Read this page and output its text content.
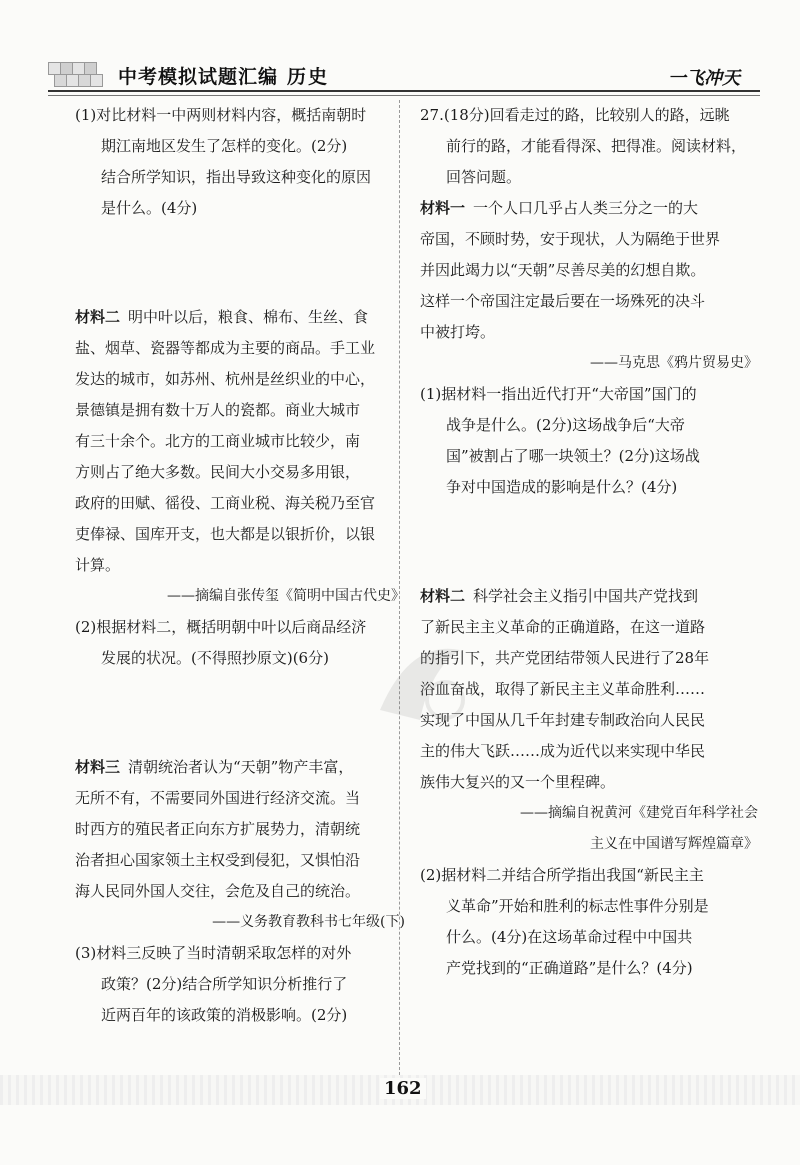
中考模拟试题汇编 历史	一飞冲天
(1)对比材料一中两则材料内容，概括南朝时
期江南地区发生了怎样的变化。(2分)
结合所学知识，指出导致这种变化的原因
是什么。(4分)
材料二 明中叶以后，粮食、棉布、生丝、食
盐、烟草、瓷器等都成为主要的商品。手工业
发达的城市，如苏州、杭州是丝织业的中心，
景德镇是拥有数十万人的瓷都。商业大城市
有三十余个。北方的工商业城市比较少，南
方则占了绝大多数。民间大小交易多用银，
政府的田赋、徭役、工商业税、海关税乃至官
吏俸禄、国库开支，也大都是以银折价，以银
计算。
——摘编自张传玺《简明中国古代史》
(2)根据材料二，概括明朝中叶以后商品经济
发展的状况。(不得照抄原文)(6分)
材料三 清朝统治者认为“天朝”物产丰富，
无所不有，不需要同外国进行经济交流。当
时西方的殖民者正向东方扩展势力，清朝统
治者担心国家领土主权受到侵犯，又惧怕沿
海人民同外国人交往，会危及自己的统治。
——义务教育教科书七年级(下)
(3)材料三反映了当时清朝采取怎样的对外
政策？(2分)结合所学知识分析推行了
近两百年的该政策的消极影响。(2分)
27.(18分)回看走过的路，比较别人的路，远眺
前行的路，才能看得深、把得准。阅读材料，
回答问题。
材料一 一个人口几乎占人类三分之一的大
帝国，不顾时势，安于现状，人为隔绝于世界
并因此竭力以“天朝”尽善尽美的幻想自欺。
这样一个帝国注定最后要在一场殊死的决斗
中被打垮。
——马克思《鸦片贸易史》
(1)据材料一指出近代打开“大帝国”国门的
战争是什么。(2分)这场战争后“大帝
国”被割占了哪一块领土？(2分)这场战
争对中国造成的影响是什么？(4分)
材料二 科学社会主义指引中国共产党找到
了新民主主义革命的正确道路，在这一道路
的指引下，共产党团结带领人民进行了28年
浴血奋战，取得了新民主主义革命胜利……
实现了中国从几千年封建专制政治向人民民
主的伟大飞跃……成为近代以来实现中华民
族伟大复兴的又一个里程碑。
——摘编自祝黄河《建党百年科学社会
主义在中国谱写辉煌篇章》
(2)据材料二并结合所学指出我国“新民主主
义革命”开始和胜利的标志性事件分别是
什么。(4分)在这场革命过程中中国共
产党找到的“正确道路”是什么？(4分)
162
